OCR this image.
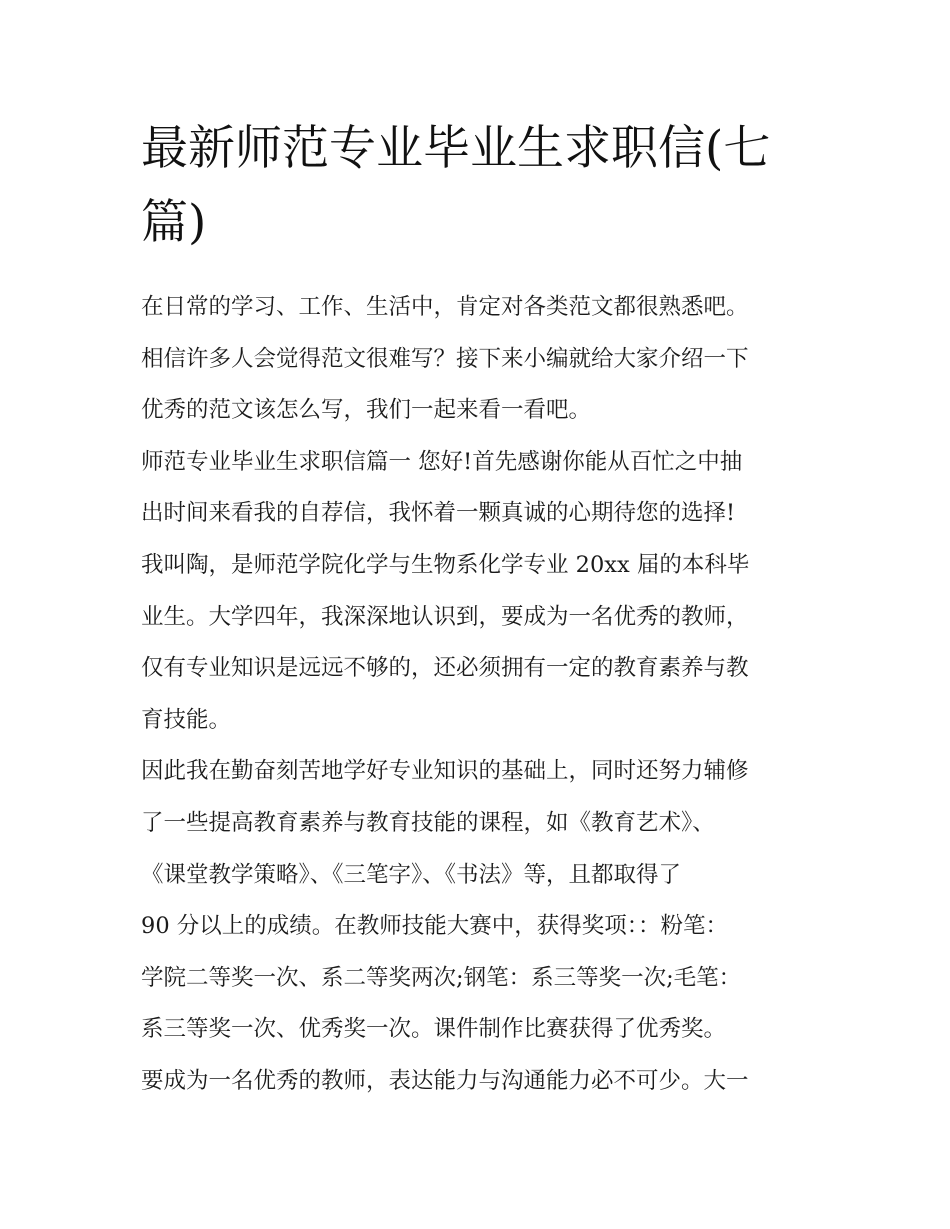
最新师范专业毕业生求职信(七
篇)
在日常的学习、工作、生活中，肯定对各类范文都很熟悉吧。
相信许多人会觉得范文很难写？接下来小编就给大家介绍一下
优秀的范文该怎么写，我们一起来看一看吧。
师范专业毕业生求职信篇一 您好!首先感谢你能从百忙之中抽
出时间来看我的自荐信，我怀着一颗真诚的心期待您的选择!
我叫陶，是师范学院化学与生物系化学专业 20xx 届的本科毕
业生。大学四年，我深深地认识到，要成为一名优秀的教师，
仅有专业知识是远远不够的，还必须拥有一定的教育素养与教
育技能。
因此我在勤奋刻苦地学好专业知识的基础上，同时还努力辅修
了一些提高教育素养与教育技能的课程，如《教育艺术》、
《课堂教学策略》、《三笔字》、《书法》等，且都取得了
90 分以上的成绩。在教师技能大赛中，获得奖项：：粉笔：
学院二等奖一次、系二等奖两次;钢笔：系三等奖一次;毛笔：
系三等奖一次、优秀奖一次。课件制作比赛获得了优秀奖。
要成为一名优秀的教师，表达能力与沟通能力必不可少。大一
